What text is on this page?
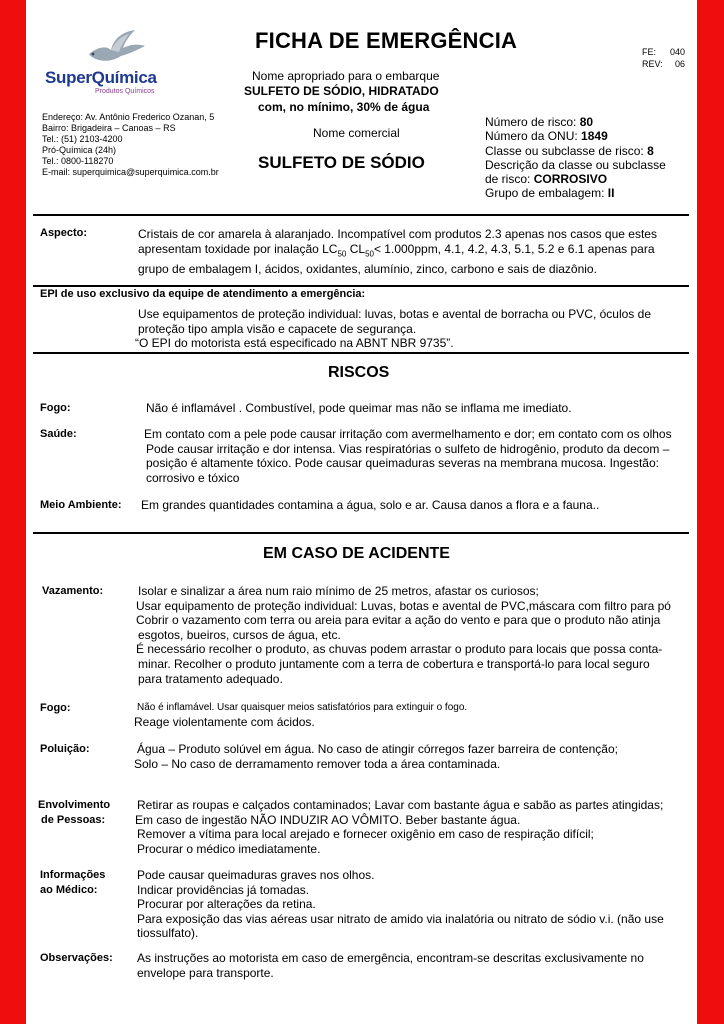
SuperQuímica
Produtos Químicos
FICHA DE EMERGÊNCIA	FE: 040
REV: 06
Nome apropriado para o embarque
SULFETO DE SÓDIO, HIDRATADO
com, no mínimo, 30% de água
Nome comercial
SULFETO DE SÓDIO
Endereço: Av. Antônio Frederico Ozanan, 5
Bairro: Brigadeira – Canoas – RS
Tel.: (51) 2103-4200
Pró-Química (24h)
Tel.: 0800-118270
E-mail: superquimica@superquimica.com.br
Número de risco: 80
Número da ONU: 1849
Classe ou subclasse de risco: 8
Descrição da classe ou subclasse
de risco: CORROSIVO
Grupo de embalagem: II
Aspecto:	Cristais de cor amarela à alaranjado. Incompatível com produtos 2.3 apenas nos casos que estes
apresentam toxidade por inalação $LC_{50}$ $CL_{50}< 1.000ppm$, 4.1, 4.2, 4.3, 5.1, 5.2 e 6.1 apenas para
grupo de embalagem I, ácidos, oxidantes, alumínio, zinco, carbono e sais de diazônio.
EPI de uso exclusivo da equipe de atendimento a emergência:
Use equipamentos de proteção individual: luvas, botas e avental de borracha ou PVC, óculos de
proteção tipo ampla visão e capacete de segurança.
“O EPI do motorista está especificado na ABNT NBR 9735”.
RISCOS
Fogo:	Não é inflamável . Combustível, pode queimar mas não se inflama me imediato.
Saúde:	Em contato com a pele pode causar irritação com avermelhamento e dor; em contato com os olhos
Pode causar irritação e dor intensa. Vias respiratórias o sulfeto de hidrogênio, produto da decom –
posição é altamente tóxico. Pode causar queimaduras severas na membrana mucosa. Ingestão:
corrosivo e tóxico
Meio Ambiente: Em grandes quantidades contamina a água, solo e ar. Causa danos a flora e a fauna..
EM CASO DE ACIDENTE
Vazamento:	Isolar e sinalizar a área num raio mínimo de 25 metros, afastar os curiosos;
Usar equipamento de proteção individual: Luvas, botas e avental de PVC,máscara com filtro para pó
Cobrir o vazamento com terra ou areia para evitar a ação do vento e para que o produto não atinja
esgotos, bueiros, cursos de água, etc.
É necessário recolher o produto, as chuvas podem arrastar o produto para locais que possa conta-
minar. Recolher o produto juntamente com a terra de cobertura e transportá-lo para local seguro
para tratamento adequado.
Fogo:	Não é inflamável. Usar quaisquer meios satisfatórios para extinguir o fogo.
Reage violentamente com ácidos.
Poluição:	Água – Produto solúvel em água. No caso de atingir córregos fazer barreira de contenção;
Solo – No caso de derramamento remover toda a área contaminada.
Envolvimento
de Pessoas:
Retirar as roupas e calçados contaminados; Lavar com bastante água e sabão as partes atingidas;
Em caso de ingestão NÃO INDUZIR AO VÔMITO. Beber bastante água.
Remover a vítima para local arejado e fornecer oxigênio em caso de respiração difícil;
Procurar o médico imediatamente.
Informações
ao Médico:
Pode causar queimaduras graves nos olhos.
Indicar providências já tomadas.
Procurar por alterações da retina.
Para exposição das vias aéreas usar nitrato de amido via inalatória ou nitrato de sódio v.i. (não use
tiossulfato).
Observações: As instruções ao motorista em caso de emergência, encontram-se descritas exclusivamente no
envelope para transporte.
